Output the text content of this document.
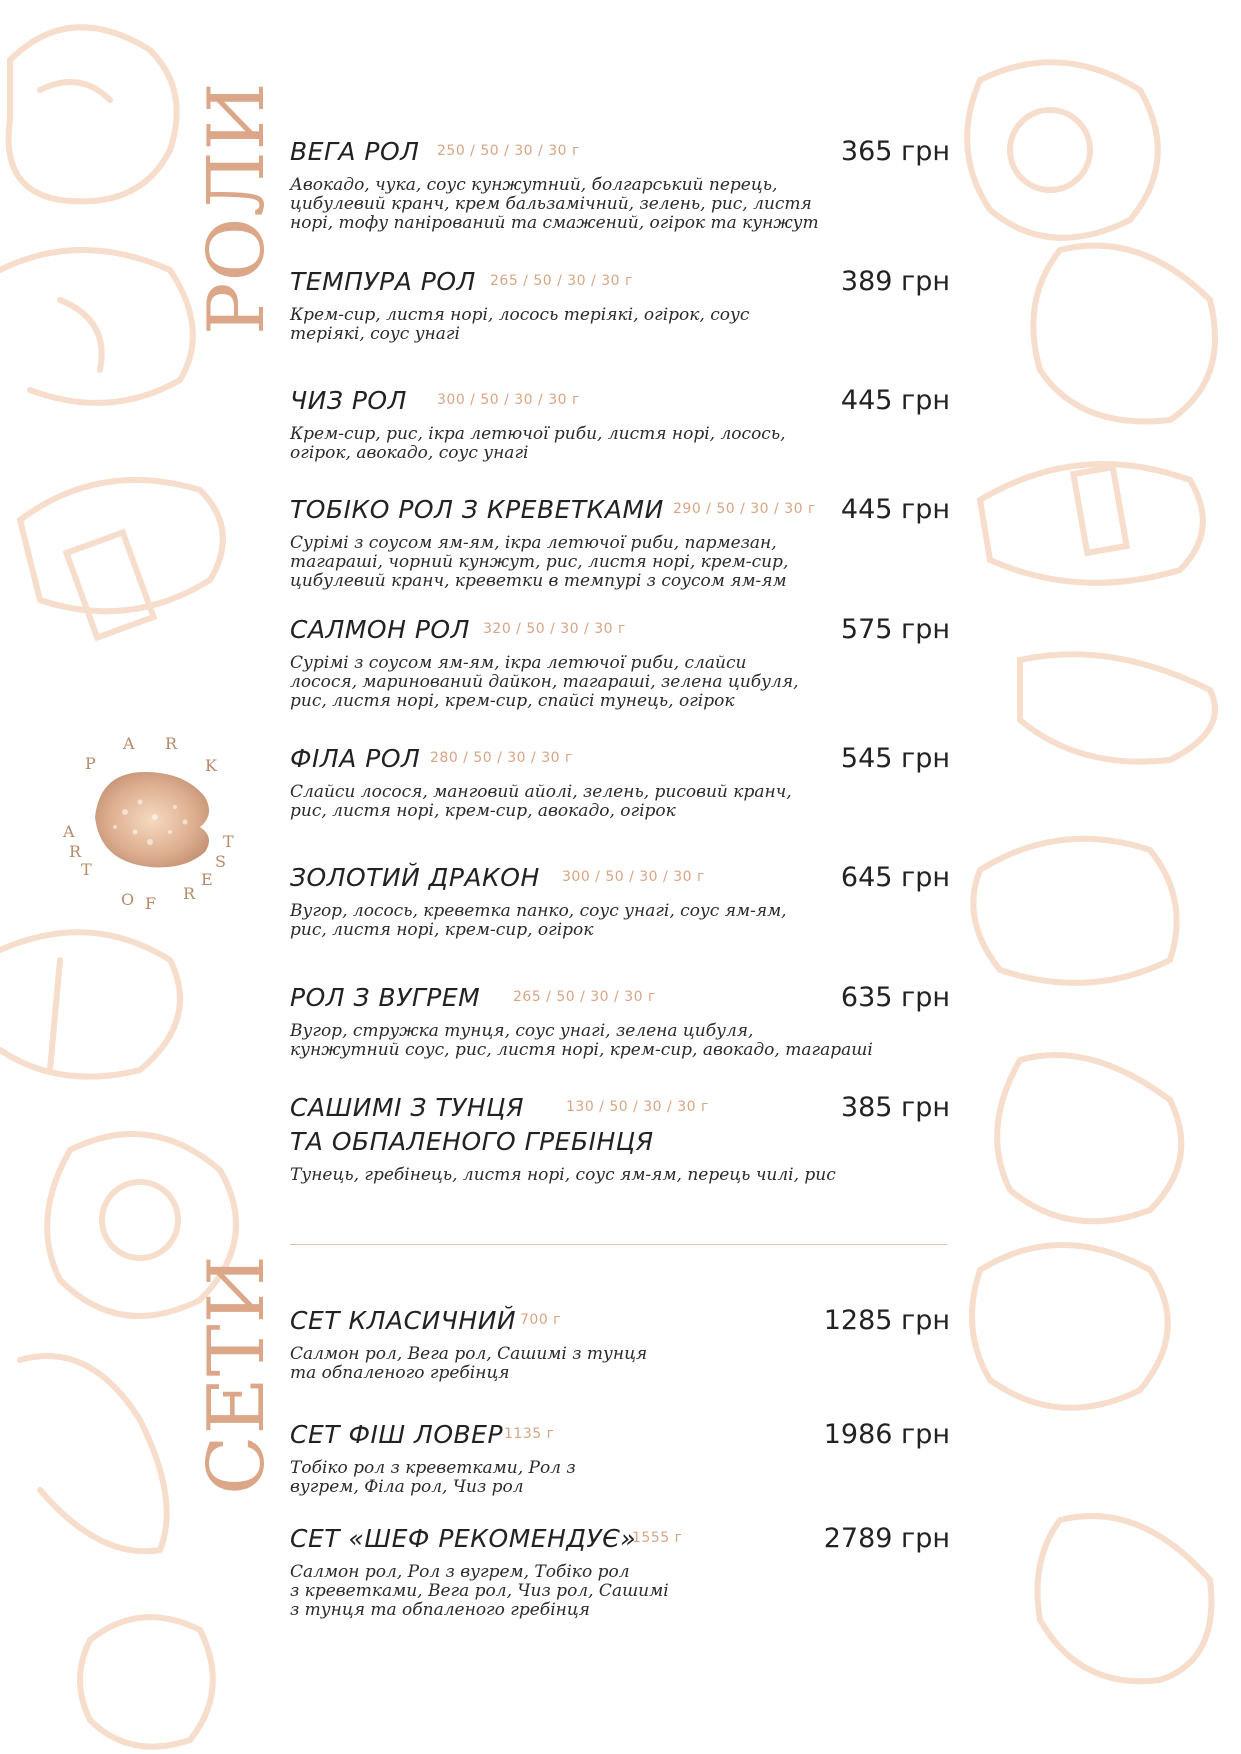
РОЛИ
СЕТИ
P
A R
K
A
R
T
O F
R
E
S
T
ВЕГА РОЛ 250 / 50 / 30 / 30 г	365 грн
Авокадо, чука, соус кунжутний, болгарський перець,
цибулевий кранч, крем бальзамічний, зелень, рис, листя
норі, тофу панірований та смажений, огірок та кунжут
ТЕМПУРА РОЛ 265 / 50 / 30 / 30 г	389 грн
Крем-сир, листя норі, лосось теріякі, огірок, соус
теріякі, соус унагі
ЧИЗ РОЛ 300 / 50 / 30 / 30 г	445 грн
Крем-сир, рис, ікра летючої риби, листя норі, лосось,
огірок, авокадо, соус унагі
ТОБІКО РОЛ З КРЕВЕТКАМИ 290 / 50 / 30 / 30 г 445 грн
Сурімі з соусом ям-ям, ікра летючої риби, пармезан,
тагараші, чорний кунжут, рис, листя норі, крем-сир,
цибулевий кранч, креветки в темпурі з соусом ям-ям
САЛМОН РОЛ 320 / 50 / 30 / 30 г	575 грн
Сурімі з соусом ям-ям, ікра летючої риби, слайси
лосося, маринований дайкон, тагараші, зелена цибуля,
рис, листя норі, крем-сир, спайсі тунець, огірок
ФІЛА РОЛ 280 / 50 / 30 / 30 г	545 грн
Слайси лосося, манговий айолі, зелень, рисовий кранч,
рис, листя норі, крем-сир, авокадо, огірок
ЗОЛОТИЙ ДРАКОН 300 / 50 / 30 / 30 г	645 грн
Вугор, лосось, креветка панко, соус унагі, соус ям-ям,
рис, листя норі, крем-сир, огірок
РОЛ З ВУГРЕМ 265 / 50 / 30 / 30 г	635 грн
Вугор, стружка тунця, соус унагі, зелена цибуля,
кунжутний соус, рис, листя норі, крем-сир, авокадо, тагараші
САШИМІ З ТУНЦЯ	130 / 50 / 30 / 30 г	385 грн
ТА ОБПАЛЕНОГО ГРЕБІНЦЯ
Тунець, гребінець, листя норі, соус ям-ям, перець чилі, рис
СЕТ КЛАСИЧНИЙ 700 г	1285 грн
Салмон рол, Вега рол, Сашимі з тунця
та обпаленого гребінця
СЕТ ФІШ ЛОВЕР 1135 г	1986 грн
Тобіко рол з креветками, Рол з
вугрем, Філа рол, Чиз рол
СЕТ «ШЕФ РЕКОМЕНДУЄ»
1555 г	2789 грн
Салмон рол, Рол з вугрем, Тобіко рол
з креветками, Вега рол, Чиз рол, Сашимі
з тунця та обпаленого гребінця
